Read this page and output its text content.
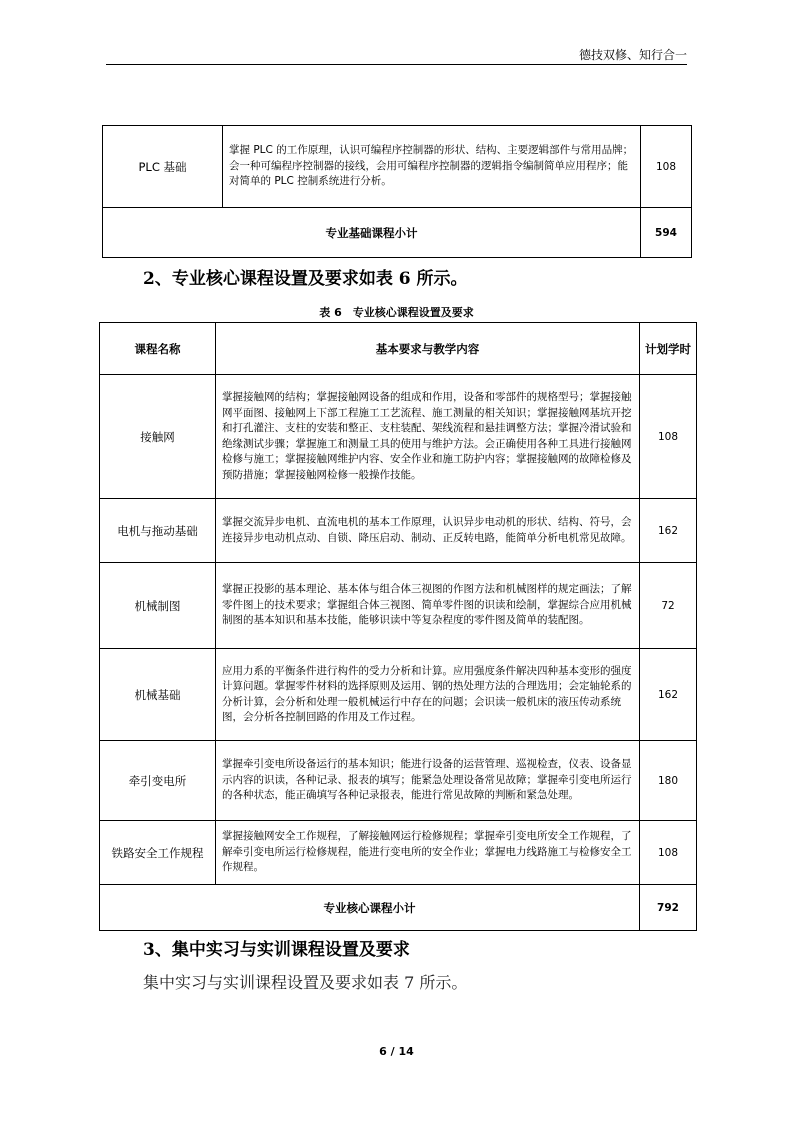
德技双修、知行合一
PLC 基础	掌握 PLC 的工作原理，认识可编程序控制器的形状、结构、主要逻辑部件与常用品牌；会一种可编程序控制器的接线，会用可编程序控制器的逻辑指令编制简单应用程序；能对简单的 PLC 控制系统进行分析。	108
专业基础课程小计		594
2、专业核心课程设置及要求如表 6 所示。
表 6　专业核心课程设置及要求
课程名称	基本要求与教学内容	计划学时
接触网	掌握接触网的结构；掌握接触网设备的组成和作用，设备和零部件的规格型号；掌握接触网平面图、接触网上下部工程施工工艺流程、施工测量的相关知识；掌握接触网基坑开挖和打孔灌注、支柱的安装和整正、支柱装配、架线流程和悬挂调整方法；掌握冷滑试验和绝缘测试步骤；掌握施工和测量工具的使用与维护方法。会正确使用各种工具进行接触网检修与施工；掌握接触网维护内容、安全作业和施工防护内容；掌握接触网的故障检修及预防措施；掌握接触网检修一般操作技能。	108
电机与拖动基础	掌握交流异步电机、直流电机的基本工作原理，认识异步电动机的形状、结构、符号，会连接异步电动机点动、自锁、降压启动、制动、正反转电路，能简单分析电机常见故障。	162
机械制图	掌握正投影的基本理论、基本体与组合体三视图的作图方法和机械图样的规定画法；了解零件图上的技术要求；掌握组合体三视图、简单零件图的识读和绘制，掌握综合应用机械制图的基本知识和基本技能，能够识读中等复杂程度的零件图及简单的装配图。	72
机械基础	应用力系的平衡条件进行构件的受力分析和计算。应用强度条件解决四种基本变形的强度计算问题。掌握零件材料的选择原则及运用、钢的热处理方法的合理选用；会定轴轮系的分析计算，会分析和处理一般机械运行中存在的问题；会识读一般机床的液压传动系统图，会分析各控制回路的作用及工作过程。	162
牵引变电所	掌握牵引变电所设备运行的基本知识；能进行设备的运营管理、巡视检查，仪表、设备显示内容的识读，各种记录、报表的填写；能紧急处理设备常见故障；掌握牵引变电所运行的各种状态，能正确填写各种记录报表，能进行常见故障的判断和紧急处理。	180
铁路安全工作规程	掌握接触网安全工作规程，了解接触网运行检修规程；掌握牵引变电所安全工作规程，了解牵引变电所运行检修规程，能进行变电所的安全作业；掌握电力线路施工与检修安全工作规程。	108
专业核心课程小计		792
3、集中实习与实训课程设置及要求
集中实习与实训课程设置及要求如表 7 所示。
6 / 14
